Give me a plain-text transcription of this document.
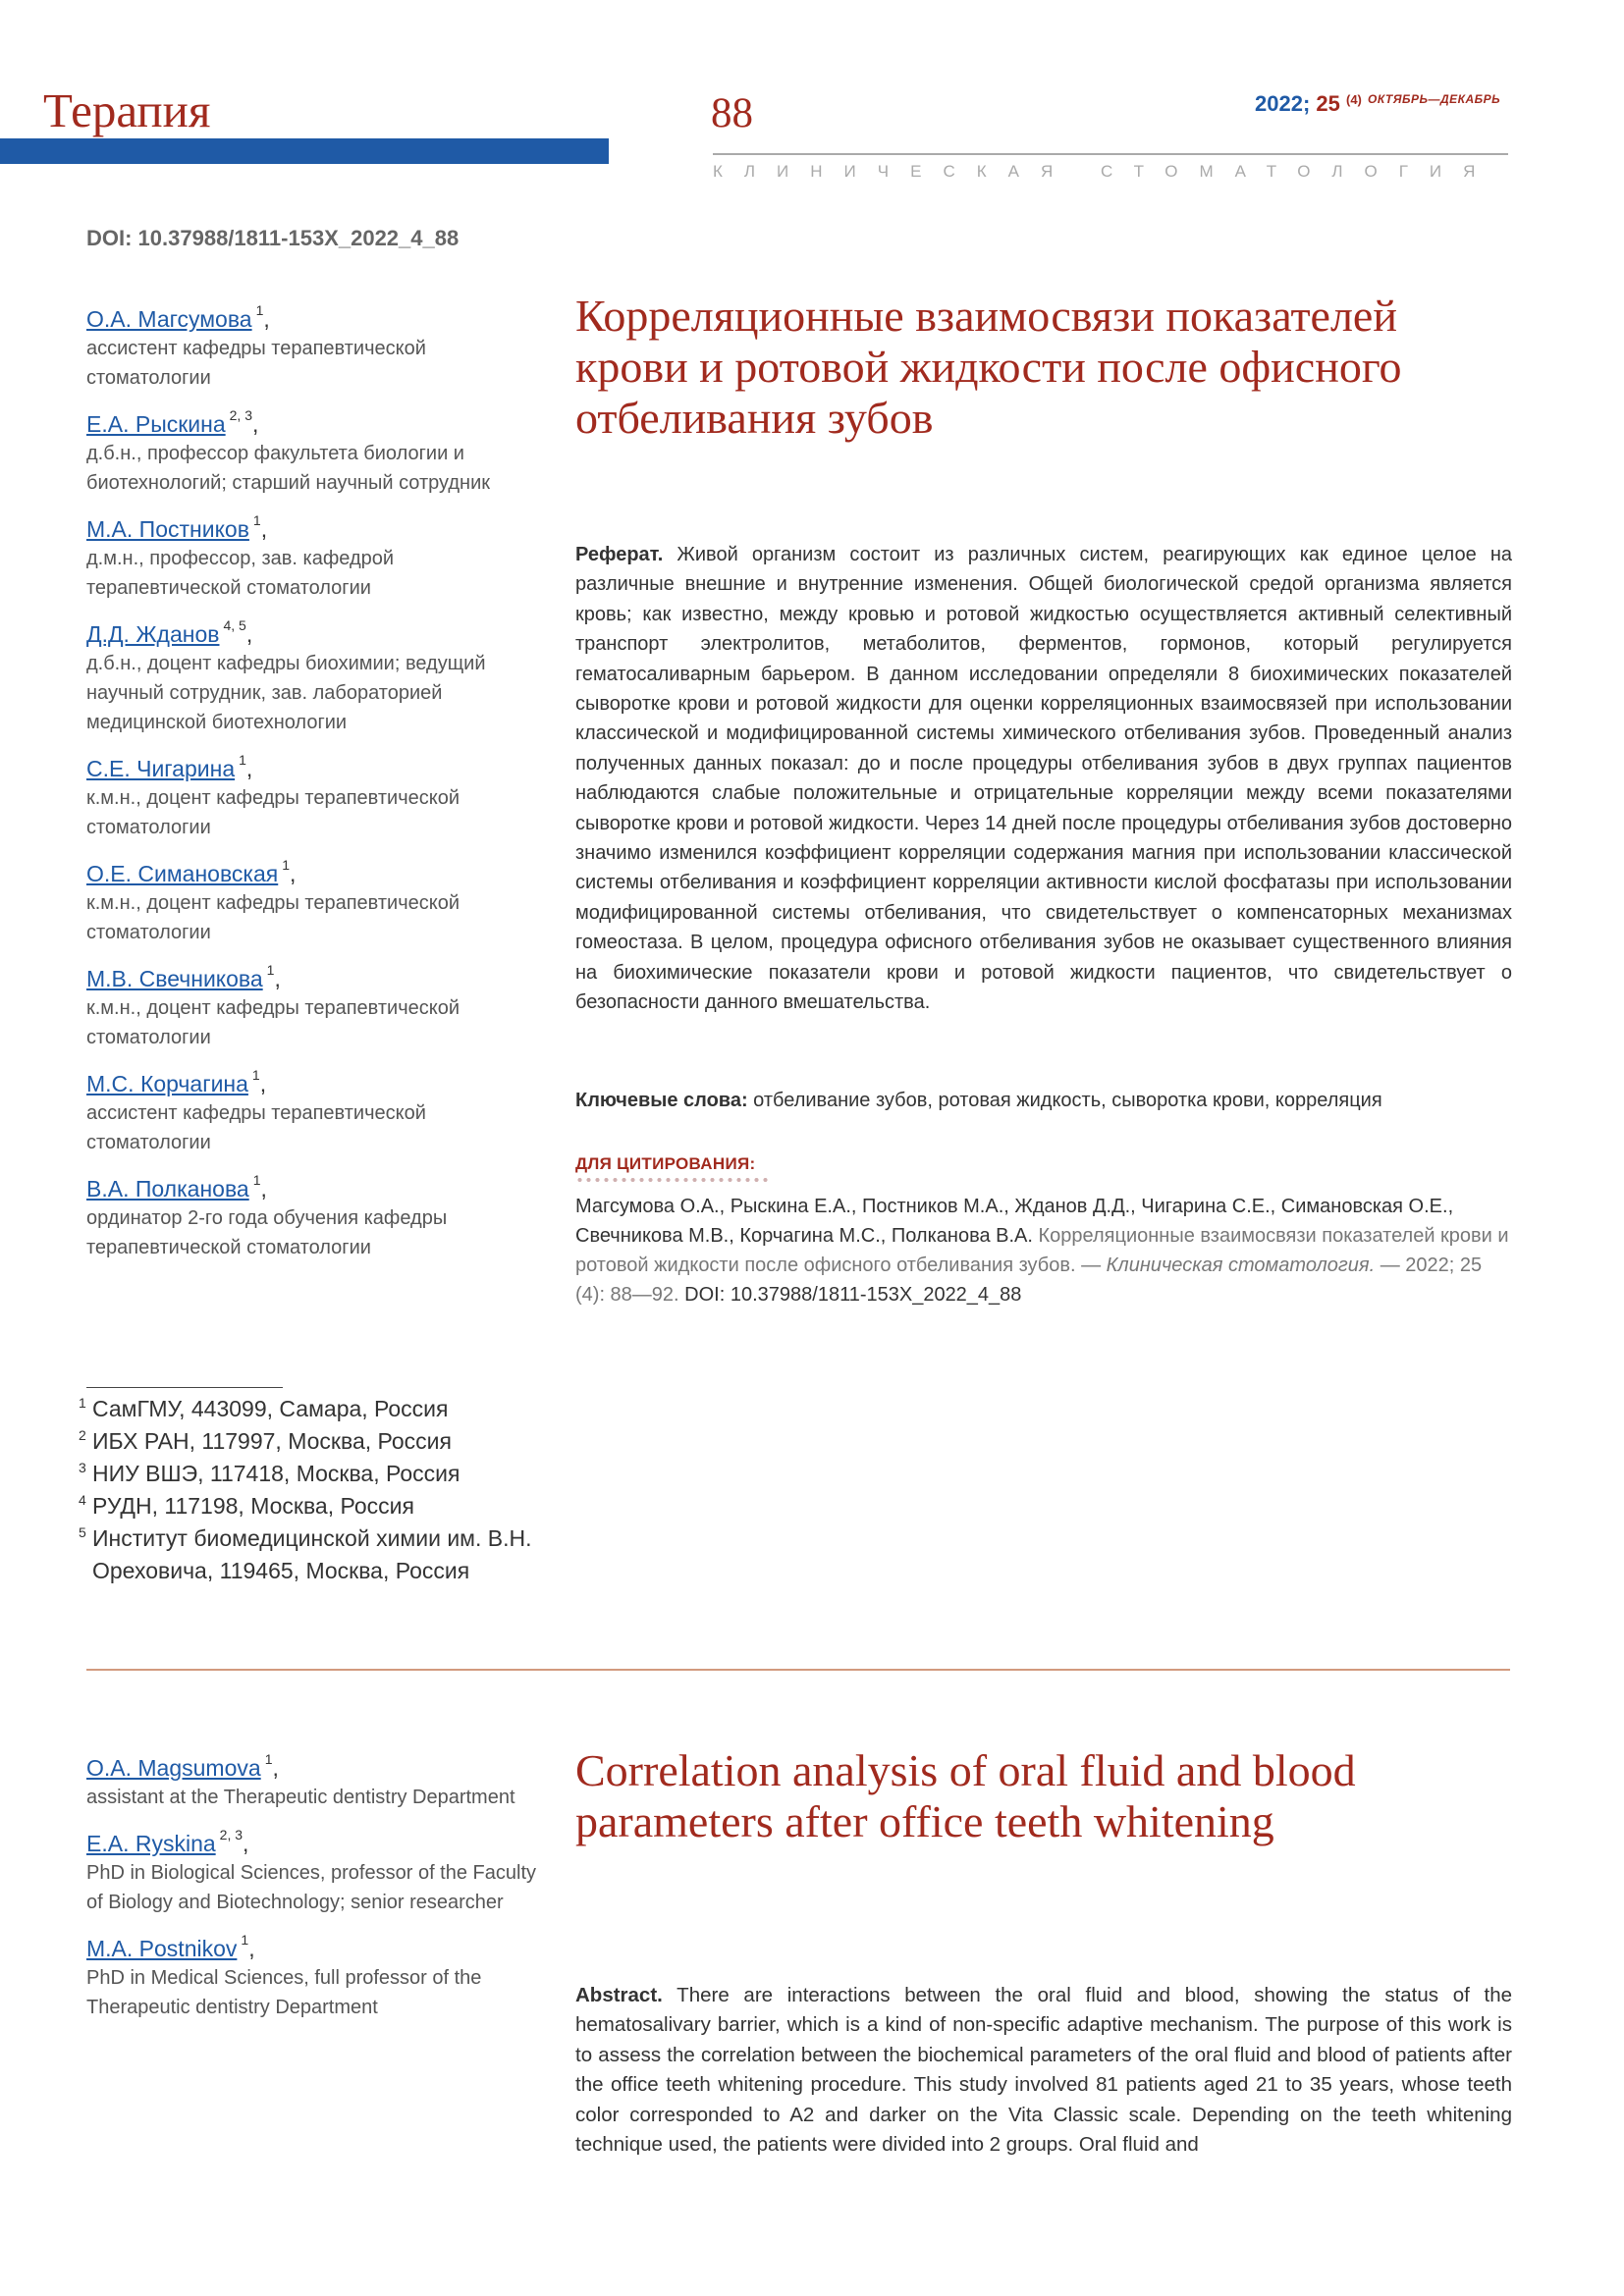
Терапия	88	2022; 25 $^{(4)}$ $^{ОКТЯБРЬ—ДЕКАБРЬ}$
КЛИНИЧЕСКАЯ СТОМАТОЛОГИЯ
DOI: 10.37988/1811-153X_2022_4_88
О.А. Магсумова 1,
ассистент кафедры терапевтической стоматологии
Е.А. Рыскина 2, 3,
д.б.н., профессор факультета биологии и биотехнологий; старший научный сотрудник
М.А. Постников 1,
д.м.н., профессор, зав. кафедрой терапевтической стоматологии
Д.Д. Жданов 4, 5,
д.б.н., доцент кафедры биохимии; ведущий научный сотрудник, зав. лабораторией медицинской биотехнологии
С.Е. Чигарина 1,
к.м.н., доцент кафедры терапевтической стоматологии
О.Е. Симановская 1,
к.м.н., доцент кафедры терапевтической стоматологии
М.В. Свечникова 1,
к.м.н., доцент кафедры терапевтической стоматологии
М.С. Корчагина 1,
ассистент кафедры терапевтической стоматологии
В.А. Полканова 1,
ординатор 2-го года обучения кафедры терапевтической стоматологии
1 СамГМУ, 443099, Самара, Россия
2 ИБХ РАН, 117997, Москва, Россия
3 НИУ ВШЭ, 117418, Москва, Россия
4 РУДН, 117198, Москва, Россия
5 Институт биомедицинской химии им. В.Н. Ореховича, 119465, Москва, Россия
Корреляционные взаимосвязи показателей крови и ротовой жидкости после офисного отбеливания зубов
Реферат. Живой организм состоит из различных систем, реагирующих как единое целое на различные внешние и внутренние изменения. Общей биологической средой организма является кровь; как известно, между кровью и ротовой жидкостью осуществляется активный селективный транспорт электролитов, метаболитов, ферментов, гормонов, который регулируется гематосаливарным барьером. В данном исследовании определяли 8 биохимических показателей сыворотке крови и ротовой жидкости для оценки корреляционных взаимосвязей при использовании классической и модифицированной системы химического отбеливания зубов. Проведенный анализ полученных данных показал: до и после процедуры отбеливания зубов в двух группах пациентов наблюдаются слабые положительные и отрицательные корреляции между всеми показателями сыворотке крови и ротовой жидкости. Через 14 дней после процедуры отбеливания зубов достоверно значимо изменился коэффициент корреляции содержания магния при использовании классической системы отбеливания и коэффициент корреляции активности кислой фосфатазы при использовании модифицированной системы отбеливания, что свидетельствует о компенсаторных механизмах гомеостаза. В целом, процедура офисного отбеливания зубов не оказывает существенного влияния на биохимические показатели крови и ротовой жидкости пациентов, что свидетельствует о безопасности данного вмешательства.
Ключевые слова: отбеливание зубов, ротовая жидкость, сыворотка крови, корреляция
ДЛЯ ЦИТИРОВАНИЯ:
Магсумова О.А., Рыскина Е.А., Постников М.А., Жданов Д.Д., Чигарина С.Е., Симановская О.Е., Свечникова М.В., Корчагина М.С., Полканова В.А. Корреляционные взаимосвязи показателей крови и ротовой жидкости после офисного отбеливания зубов. — Клиническая стоматология. — 2022; 25 (4): 88—92. DOI: 10.37988/1811-153X_2022_4_88
O.A. Magsumova 1,
assistant at the Therapeutic dentistry Department
E.A. Ryskina 2, 3,
PhD in Biological Sciences, professor of the Faculty of Biology and Biotechnology; senior researcher
M.A. Postnikov 1,
PhD in Medical Sciences, full professor of the Therapeutic dentistry Department
Correlation analysis of oral fluid and blood parameters after office teeth whitening
Abstract. There are interactions between the oral fluid and blood, showing the status of the hematosalivary barrier, which is a kind of non-specific adaptive mechanism. The purpose of this work is to assess the correlation between the biochemical parameters of the oral fluid and blood of patients after the office teeth whitening procedure. This study involved 81 patients aged 21 to 35 years, whose teeth color corresponded to A2 and darker on the Vita Classic scale. Depending on the teeth whitening technique used, the patients were divided into 2 groups. Oral fluid and
